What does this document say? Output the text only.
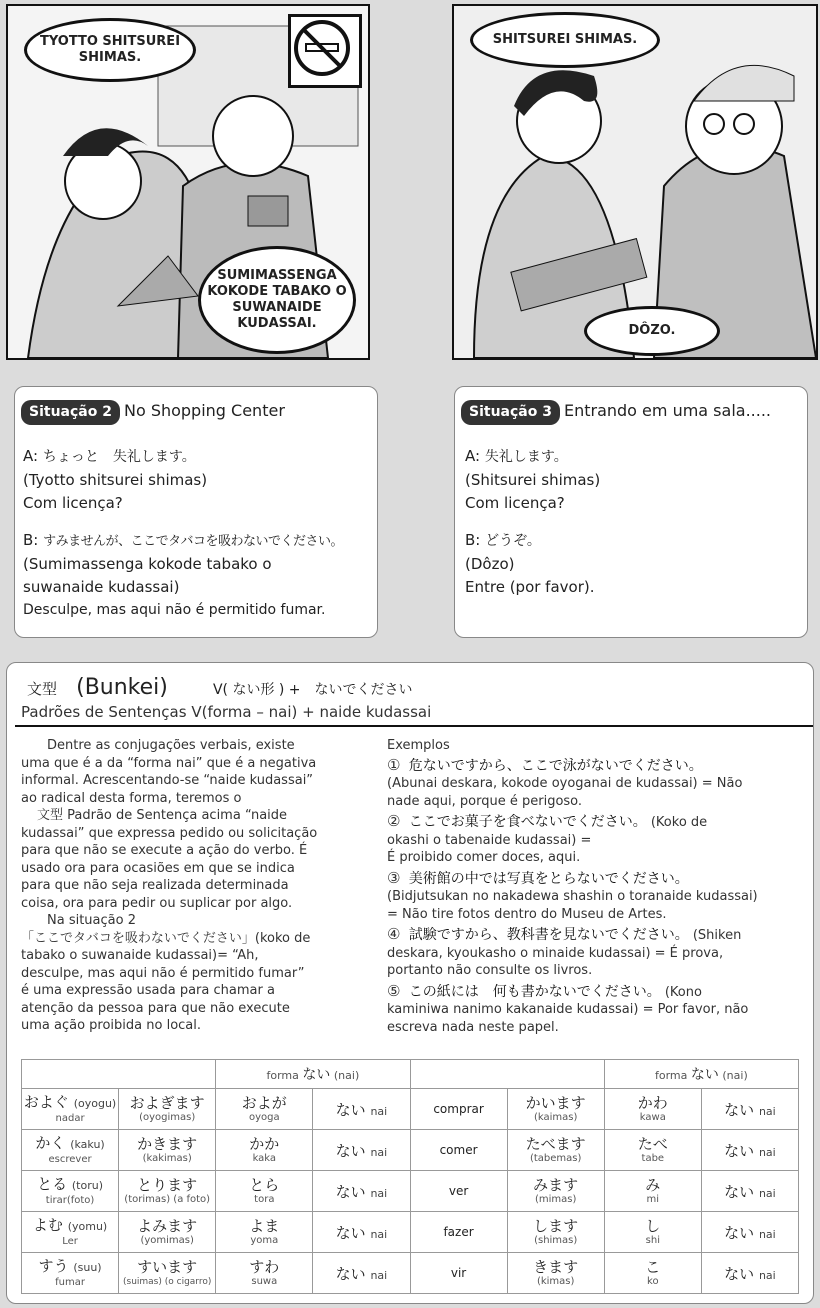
TYOTTO SHITSUREI SHIMAS.
SUMIMASSENGA KOKODE TABAKO O SUWANAIDE KUDASSAI.
SHITSUREI SHIMAS.
DÔZO.

Situação 2 No Shopping Center

A: ちょっと　失礼します。

(Tyotto shitsurei shimas)

Com licença?

B: すみませんが、ここでタバコを吸わないでください。

(Sumimassenga kokode tabako o

suwanaide kudassai)

Desculpe, mas aqui não é permitido fumar.

Situação 3 Entrando em uma sala.....

A: 失礼します。

(Shitsurei shimas)

Com licença?

B: どうぞ。

(Dôzo)

Entre (por favor).

文型 (Bunkei)	V( ない形 ) +　ないでください
Padrões de Sentenças V(forma – nai) + naide kudassai
Dentre as conjugações verbais, existe
uma que é a da “forma nai” que é a negativa
informal. Acrescentando-se “naide kudassai”
ao radical desta forma, teremos o
文型 Padrão de Sentença acima “naide
kudassai” que expressa pedido ou solicitação
para que não se execute a ação do verbo. É
usado ora para ocasiões em que se indica
para que não seja realizada determinada
coisa, ora para pedir ou suplicar por algo.
Na situação 2
「ここでタバコを吸わないでください」(koko de
tabako o suwanaide kudassai)= “Ah,
desculpe, mas aqui não é permitido fumar”
é uma expressão usada para chamar a
atenção da pessoa para que não execute
uma ação proibida no local.

Exemplos

① 危ないですから、ここで泳がないでください。

(Abunai deskara, kokode oyoganai de kudassai) = Não

nade aqui, porque é perigoso.

② ここでお菓子を食べないでください。 (Koko de

okashi o tabenaide kudassai) =

É proibido comer doces, aqui.

③ 美術館の中では写真をとらないでください。

(Bidjutsukan no nakadewa shashin o toranaide kudassai)

= Não tire fotos dentro do Museu de Artes.

④ 試験ですから、教科書を見ないでください。 (Shiken

deskara, kyoukasho o minaide kudassai) = É prova,

portanto não consulte os livros.

⑤ この紙には　何も書かないでください。 (Kono

kaminiwa nanimo kakanaide kudassai) = Por favor, não

escreva nada neste papel.

		forma ない (nai)				forma ない (nai)	

およぐ (oyogu)
nadar	およぎます
(oyogimas)	およが
oyoga	ない nai	comprar	かいます
(kaimas)	かわ
kawa	ない nai

かく (kaku)
escrever	かきます
(kakimas)	かか
kaka	ない nai	comer	たべます
(tabemas)	たべ
tabe	ない nai

とる (toru)
tirar(foto)	とります
(torimas) (a foto)	とら
tora	ない nai	ver	みます
(mimas)	み
mi	ない nai

よむ (yomu)
Ler	よみます
(yomimas)	よま
yoma	ない nai	fazer	します
(shimas)	し
shi	ない nai

すう (suu)
fumar	すいます
(suimas) (o cigarro)	すわ
suwa	ない nai	vir	きます
(kimas)	こ
ko	ない nai
